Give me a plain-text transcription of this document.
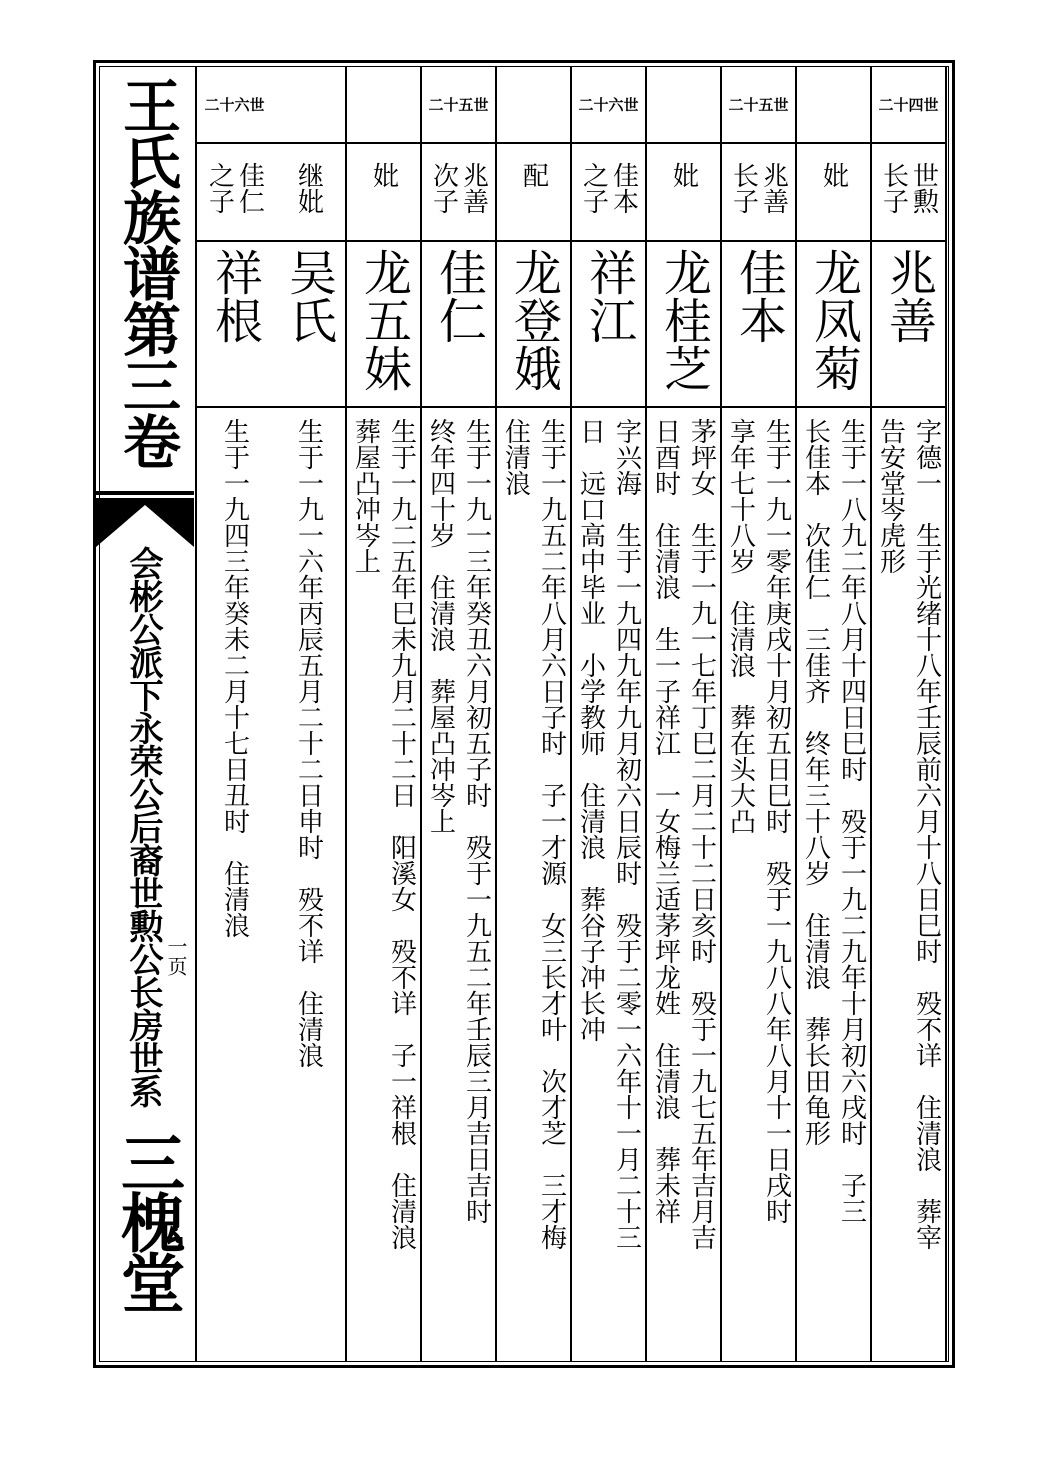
王氏族谱第三卷
会彬公派下永荣公后裔世勲公长房世系 一页
三槐堂
二十四世
世勲
长子
兆善
字德一　生于光绪十八年壬辰前六月十八日巳时　殁不详　住清浪　葬宰
告安堂岑虎形
妣
龙凤菊
生于一八九二年八月十四日巳时　殁于一九二九年十月初六戌时　子三
长佳本　次佳仁　三佳齐　终年三十八岁　住清浪　葬长田龟形
二十五世
兆善
长子
佳本
生于一九一零年庚戌十月初五日巳时　殁于一九八八年八月十一日戌时
享年七十八岁　住清浪　葬在头大凸
妣
龙桂芝
茅坪女　生于一九一七年丁巳二月二十二日亥时　殁于一九七五年吉月吉
日酉时　住清浪　生一子祥江　一女梅兰适茅坪龙姓　住清浪　葬未祥
二十六世
佳本
之子
祥江
字兴海　生于一九四九年九月初六日辰时　殁于二零一六年十一月二十三
日　远口高中毕业　小学教师　住清浪　葬谷子冲长冲
配
龙登娥
生于一九五二年八月六日子时　子一才源　女三长才叶　次才芝　三才梅
住清浪
二十五世
兆善
次子
佳仁
生于一九一三年癸丑六月初五子时　殁于一九五二年壬辰三月吉日吉时
终年四十岁　住清浪　葬屋凸冲岑上
妣
龙五妹
生于一九二五年巳未九月二十二日　阳溪女　殁不详　子一祥根　住清浪
葬屋凸冲岑上
继妣
吴氏
生于一九一六年丙辰五月二十二日申时　殁不详　住清浪
二十六世
佳仁
之子
祥根
生于一九四三年癸未二月十七日丑时　住清浪
